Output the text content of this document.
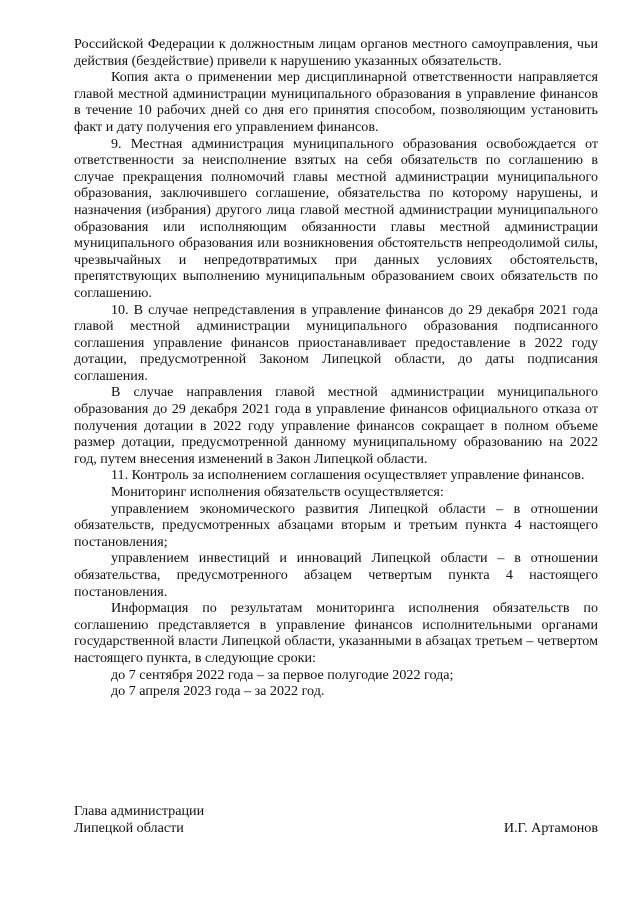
Российской Федерации к должностным лицам органов местного самоуправления, чьи действия (бездействие) привели к нарушению указанных обязательств.

Копия акта о применении мер дисциплинарной ответственности направляется главой местной администрации муниципального образования в управление финансов в течение 10 рабочих дней со дня его принятия способом, позволяющим установить факт и дату получения его управлением финансов.

9. Местная администрация муниципального образования освобождается от ответственности за неисполнение взятых на себя обязательств по соглашению в случае прекращения полномочий главы местной администрации муниципального образования, заключившего соглашение, обязательства по которому нарушены, и назначения (избрания) другого лица главой местной администрации муниципального образования или исполняющим обязанности главы местной администрации муниципального образования или возникновения обстоятельств непреодолимой силы, чрезвычайных и непредотвратимых при данных условиях обстоятельств, препятствующих выполнению муниципальным образованием своих обязательств по соглашению.

10. В случае непредставления в управление финансов до 29 декабря 2021 года главой местной администрации муниципального образования подписанного соглашения управление финансов приостанавливает предоставление в 2022 году дотации, предусмотренной Законом Липецкой области, до даты подписания соглашения.

В случае направления главой местной администрации муниципального образования до 29 декабря 2021 года в управление финансов официального отказа от получения дотации в 2022 году управление финансов сокращает в полном объеме размер дотации, предусмотренной данному муниципальному образованию на 2022 год, путем внесения изменений в Закон Липецкой области.

11. Контроль за исполнением соглашения осуществляет управление финансов.

Мониторинг исполнения обязательств осуществляется:

управлением экономического развития Липецкой области – в отношении обязательств, предусмотренных абзацами вторым и третьим пункта 4 настоящего постановления;

управлением инвестиций и инноваций Липецкой области – в отношении обязательства, предусмотренного абзацем четвертым пункта 4 настоящего постановления.

Информация по результатам мониторинга исполнения обязательств по соглашению представляется в управление финансов исполнительными органами государственной власти Липецкой области, указанными в абзацах третьем – четвертом настоящего пункта, в следующие сроки:

до 7 сентября 2022 года – за первое полугодие 2022 года;

до 7 апреля 2023 года – за 2022 год.

Глава администрации
Липецкой области	И.Г. Артамонов
